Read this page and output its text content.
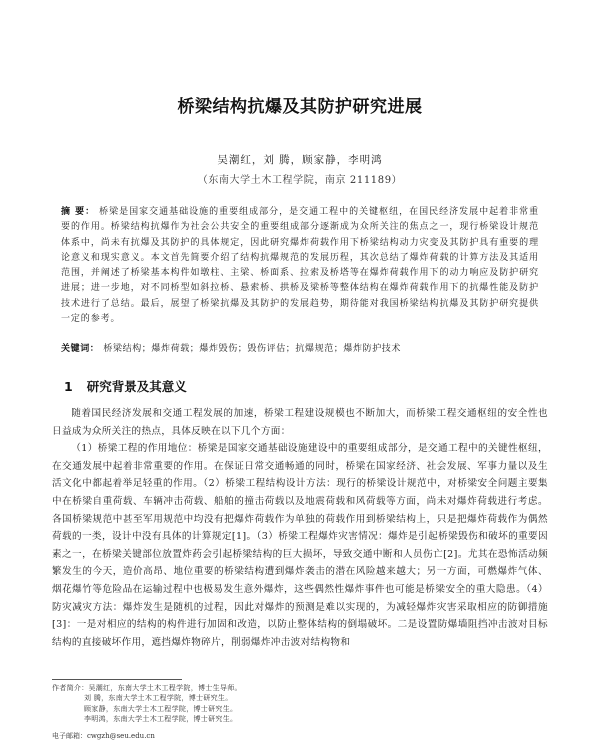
桥梁结构抗爆及其防护研究进展
吴潮红，刘 腾，顾家静，李明鸿
（东南大学土木工程学院，南京 211189）
摘 要： 桥梁是国家交通基础设施的重要组成部分，是交通工程中的关键枢纽，在国民经济发展中起着非常重要的作用。桥梁结构抗爆作为社会公共安全的重要组成部分逐渐成为众所关注的焦点之一，现行桥梁设计规范体系中，尚未有抗爆及其防护的具体规定，因此研究爆炸荷载作用下桥梁结构动力灾变及其防护具有重要的理论意义和现实意义。本文首先简要介绍了结构抗爆规范的发展历程，其次总结了爆炸荷载的计算方法及其适用范围，并阐述了桥梁基本构件如墩柱、主梁、桥面系、拉索及桥塔等在爆炸荷载作用下的动力响应及防护研究进展；进一步地，对不同桥型如斜拉桥、悬索桥、拱桥及梁桥等整体结构在爆炸荷载作用下的抗爆性能及防护技术进行了总结。最后，展望了桥梁抗爆及其防护的发展趋势，期待能对我国桥梁结构抗爆及其防护研究提供一定的参考。
关键词： 桥梁结构；爆炸荷载；爆炸毁伤；毁伤评估；抗爆规范；爆炸防护技术
1 研究背景及其意义

随着国民经济发展和交通工程发展的加速，桥梁工程建设规模也不断加大，而桥梁工程交通枢纽的安全性也日益成为众所关注的热点，具体反映在以下几个方面：

（1）桥梁工程的作用地位：桥梁是国家交通基础设施建设中的重要组成部分，是交通工程中的关键性枢纽，在交通发展中起着非常重要的作用。在保证日常交通畅通的同时，桥梁在国家经济、社会发展、军事力量以及生活文化中都起着举足轻重的作用。（2）桥梁工程结构设计方法：现行的桥梁设计规范中，对桥梁安全问题主要集中在桥梁自重荷载、车辆冲击荷载、船舶的撞击荷载以及地震荷载和风荷载等方面，尚未对爆炸荷载进行考虑。各国桥梁规范中甚至军用规范中均没有把爆炸荷载作为单独的荷载作用到桥梁结构上，只是把爆炸荷载作为偶然荷载的一类，设计中没有具体的计算规定[1]。（3）桥梁工程爆炸灾害情况：爆炸是引起桥梁毁伤和破坏的重要因素之一，在桥梁关键部位放置炸药会引起桥梁结构的巨大损坏，导致交通中断和人员伤亡[2]。尤其在恐怖活动频繁发生的今天，造价高昂、地位重要的桥梁结构遭到爆炸袭击的潜在风险越来越大；另一方面，可燃爆炸气体、烟花爆竹等危险品在运输过程中也极易发生意外爆炸，这些偶然性爆炸事件也可能是桥梁安全的重大隐患。（4）防灾减灾方法：爆炸发生是随机的过程，因此对爆炸的预测是难以实现的，为减轻爆炸灾害采取相应的防御措施[3]：一是对相应的结构的构件进行加固和改造，以防止整体结构的倒塌破坏。二是设置防爆墙阻挡冲击波对目标结构的直接破坏作用，遮挡爆炸物碎片，削弱爆炸冲击波对结构物和

作者简介：吴潮红，东南大学土木工程学院，博士生导师。
刘 腾，东南大学土木工程学院，博士研究生。
顾家静，东南大学土木工程学院，博士研究生。
李明鸿，东南大学土木工程学院，博士研究生。
电子邮箱：cwgzh@seu.edu.cn
